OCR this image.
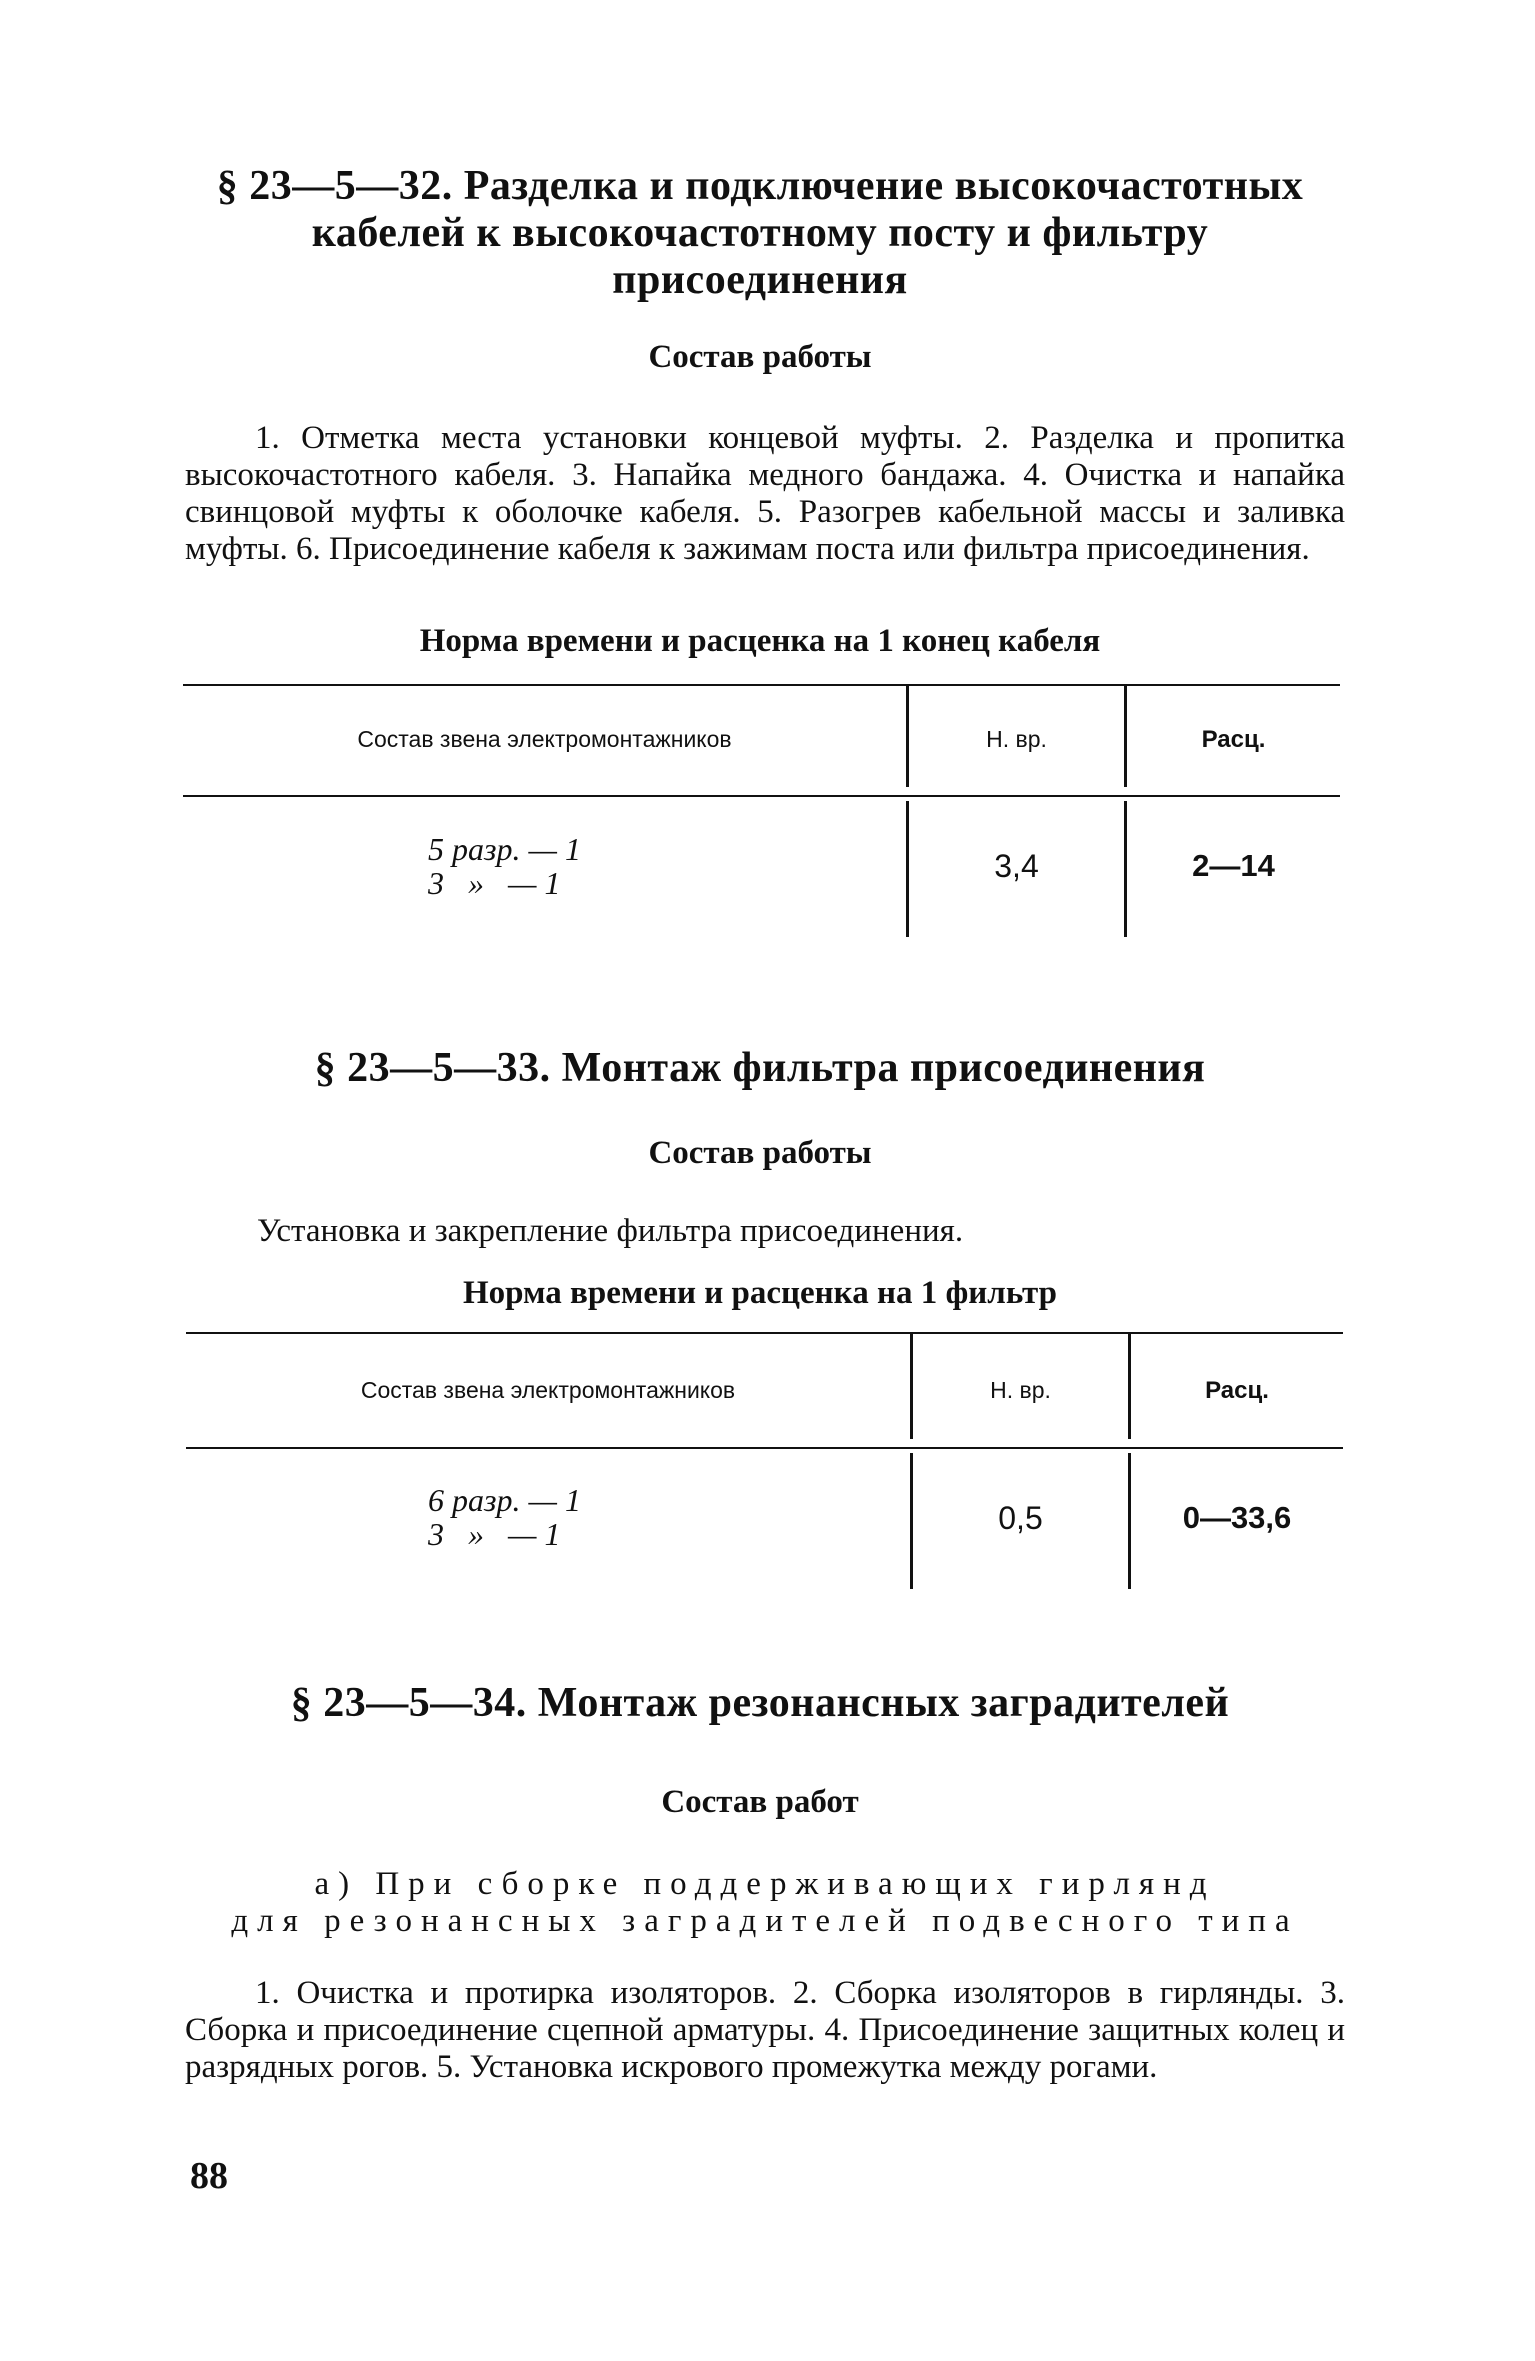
§ 23—5—32. Разделка и подключение высокочастотных
кабелей к высокочастотному посту и фильтру
присоединения
Состав работы
1. Отметка места установки концевой муфты. 2. Разделка и пропитка высокочастотного кабеля. 3. Напайка медного бандажа. 4. Очистка и напайка свинцовой муфты к оболочке кабеля. 5. Разогрев кабельной массы и заливка муфты. 6. Присоединение кабеля к зажимам поста или фильтра присоединения.
Норма времени и расценка на 1 конец кабеля
Состав звена электромонтажников	Н. вр.	Расц.
5 разр. — 1
3   »   — 1	3,4	2—14
§ 23—5—33. Монтаж фильтра присоединения
Состав работы
Установка и закрепление фильтра присоединения.
Норма времени и расценка на 1 фильтр
Состав звена электромонтажников	Н. вр.	Расц.
6 разр. — 1
3   »   — 1	0,5	0—33,6
§ 23—5—34. Монтаж резонансных заградителей
Состав работ
а) При сборке поддерживающих гирлянд
для резонансных заградителей подвесного типа
1. Очистка и протирка изоляторов. 2. Сборка изоляторов в гирлянды. 3. Сборка и присоединение сцепной арматуры. 4. Присоединение защитных колец и разрядных рогов. 5. Установка искрового промежутка между рогами.
88
